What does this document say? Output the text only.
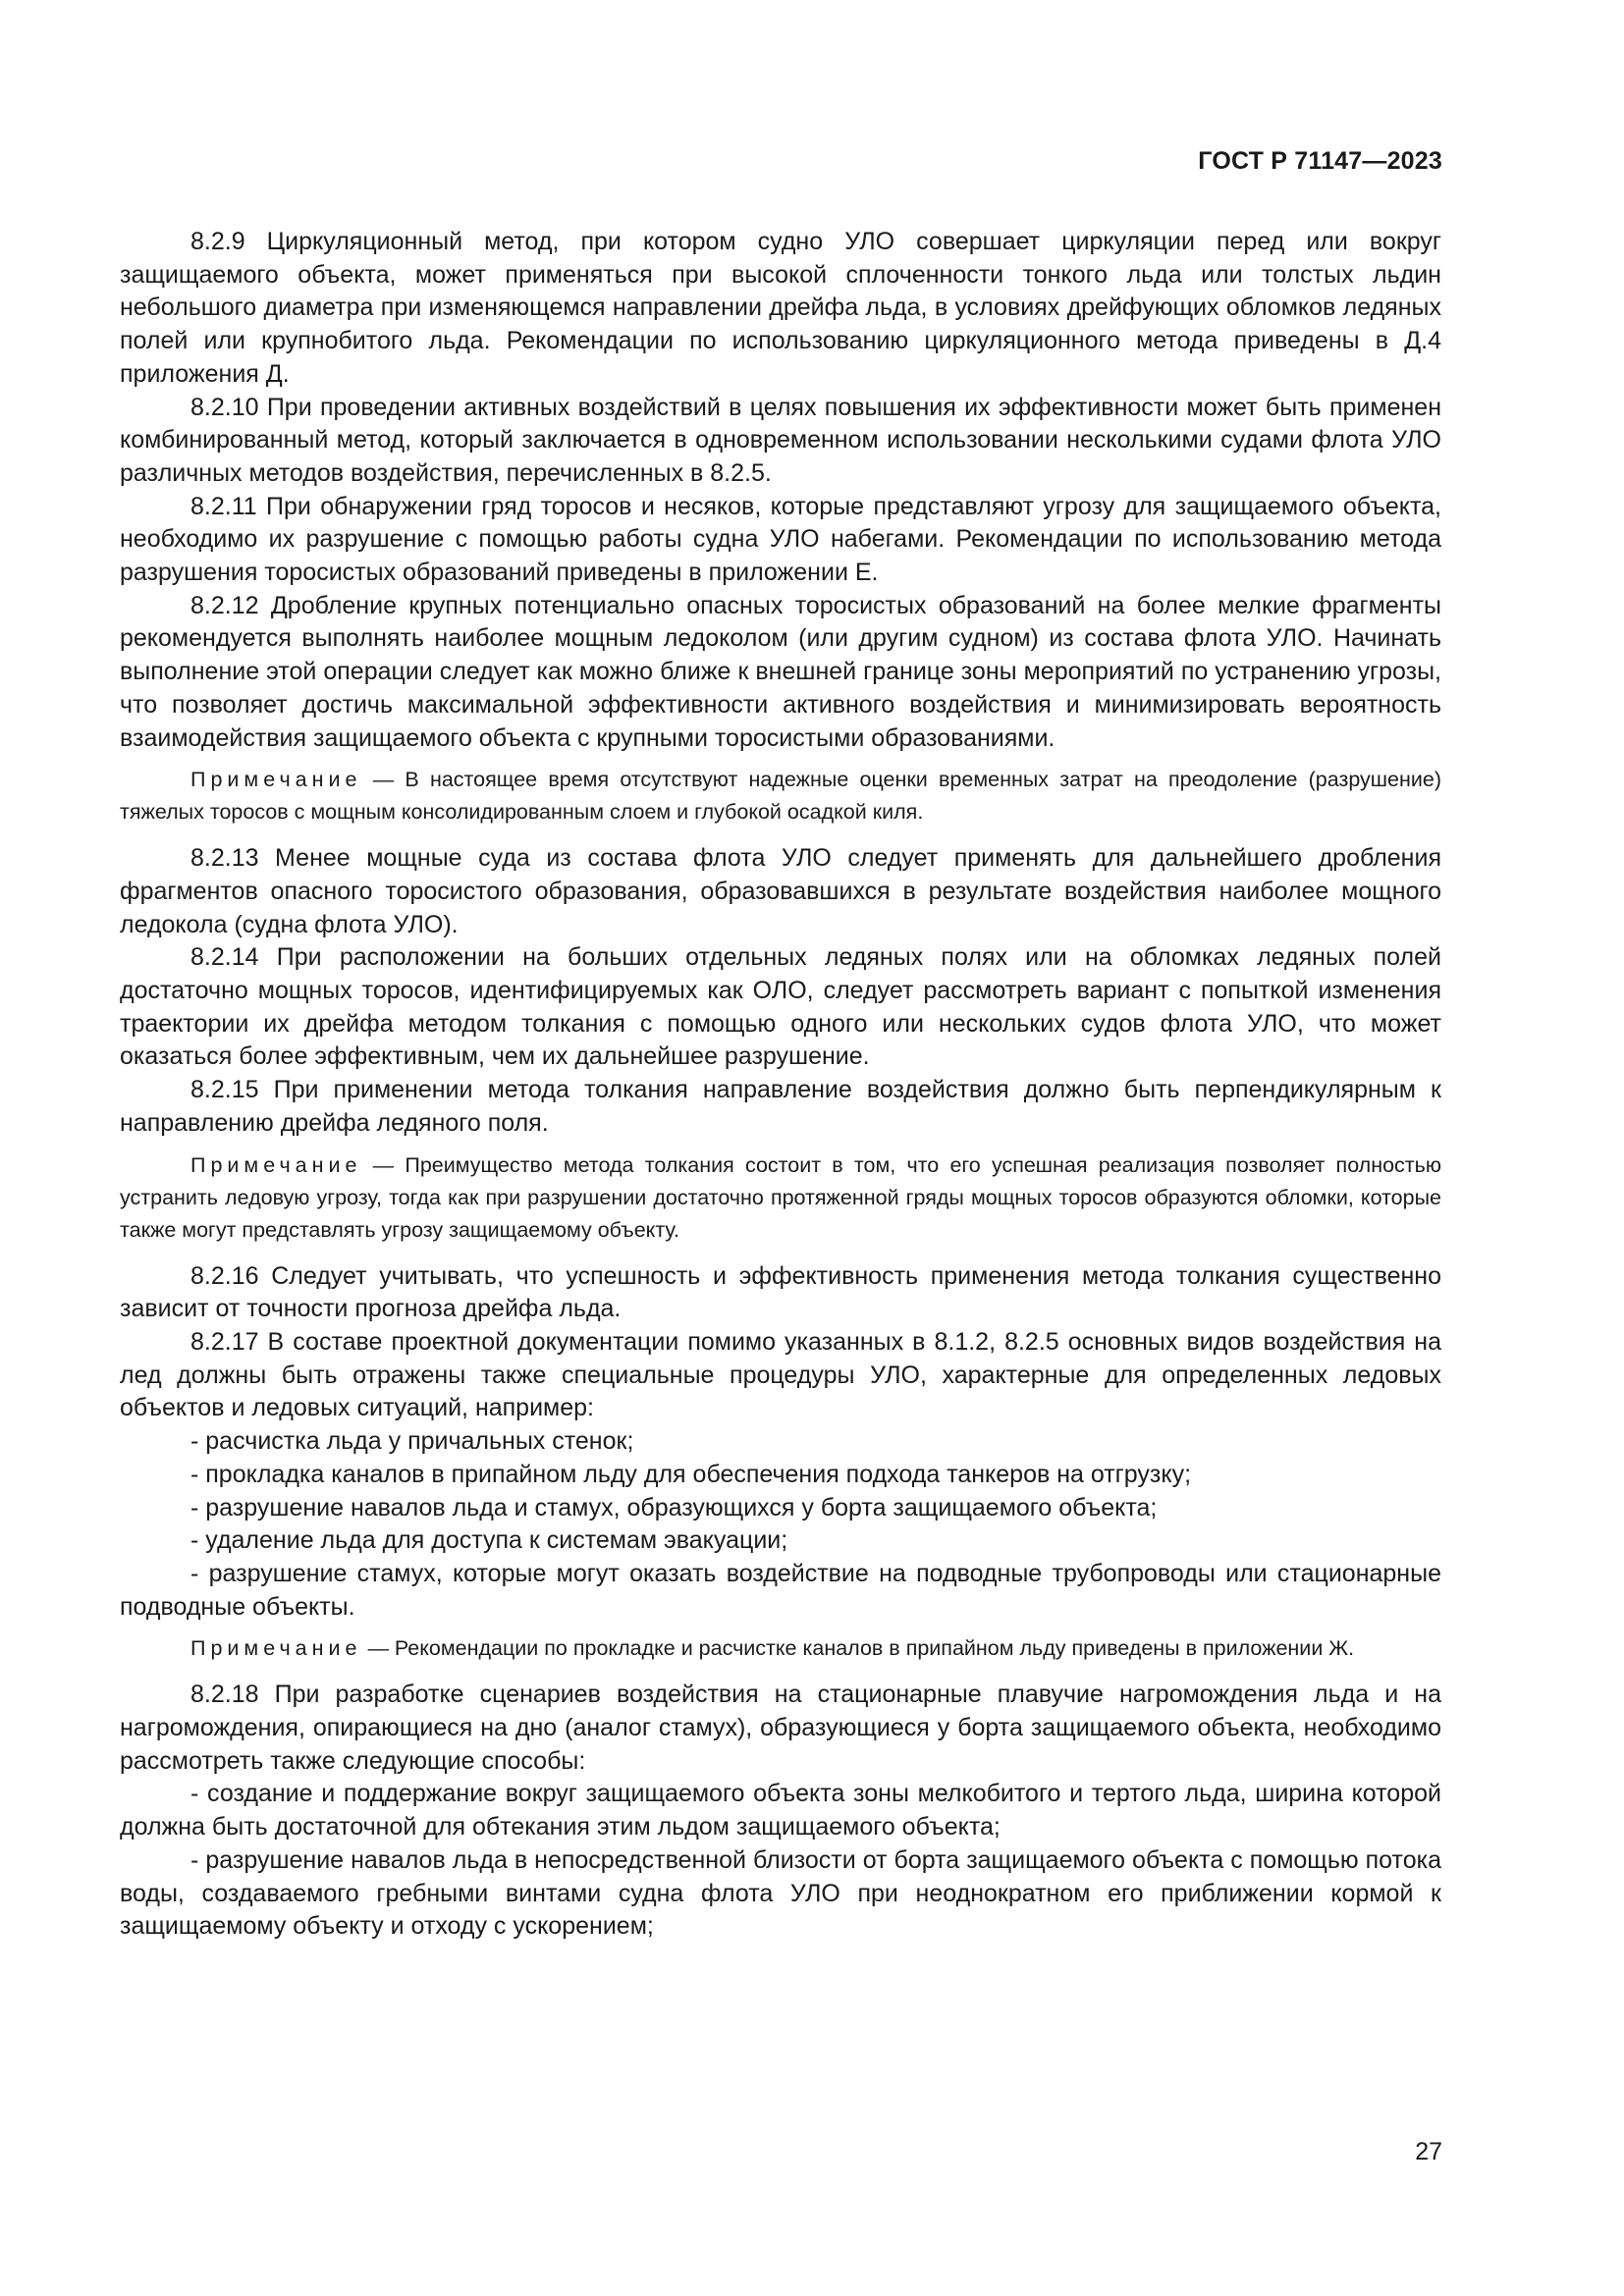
ГОСТ Р 71147—2023

8.2.9 Циркуляционный метод, при котором судно УЛО совершает циркуляции перед или вокруг защищаемого объекта, может применяться при высокой сплоченности тонкого льда или толстых льдин небольшого диаметра при изменяющемся направлении дрейфа льда, в условиях дрейфующих обломков ледяных полей или крупнобитого льда. Рекомендации по использованию циркуляционного метода приведены в Д.4 приложения Д.

8.2.10 При проведении активных воздействий в целях повышения их эффективности может быть применен комбинированный метод, который заключается в одновременном использовании несколькими судами флота УЛО различных методов воздействия, перечисленных в 8.2.5.

8.2.11 При обнаружении гряд торосов и несяков, которые представляют угрозу для защищаемого объекта, необходимо их разрушение с помощью работы судна УЛО набегами. Рекомендации по использованию метода разрушения торосистых образований приведены в приложении Е.

8.2.12 Дробление крупных потенциально опасных торосистых образований на более мелкие фрагменты рекомендуется выполнять наиболее мощным ледоколом (или другим судном) из состава флота УЛО. Начинать выполнение этой операции следует как можно ближе к внешней границе зоны мероприятий по устранению угрозы, что позволяет достичь максимальной эффективности активного воздействия и минимизировать вероятность взаимодействия защищаемого объекта с крупными торосистыми образованиями.

Примечание — В настоящее время отсутствуют надежные оценки временных затрат на преодоление (разрушение) тяжелых торосов с мощным консолидированным слоем и глубокой осадкой киля.

8.2.13 Менее мощные суда из состава флота УЛО следует применять для дальнейшего дробления фрагментов опасного торосистого образования, образовавшихся в результате воздействия наиболее мощного ледокола (судна флота УЛО).

8.2.14 При расположении на больших отдельных ледяных полях или на обломках ледяных полей достаточно мощных торосов, идентифицируемых как ОЛО, следует рассмотреть вариант с попыткой изменения траектории их дрейфа методом толкания с помощью одного или нескольких судов флота УЛО, что может оказаться более эффективным, чем их дальнейшее разрушение.

8.2.15 При применении метода толкания направление воздействия должно быть перпендикулярным к направлению дрейфа ледяного поля.

Примечание — Преимущество метода толкания состоит в том, что его успешная реализация позволяет полностью устранить ледовую угрозу, тогда как при разрушении достаточно протяженной гряды мощных торосов образуются обломки, которые также могут представлять угрозу защищаемому объекту.

8.2.16 Следует учитывать, что успешность и эффективность применения метода толкания существенно зависит от точности прогноза дрейфа льда.

8.2.17 В составе проектной документации помимо указанных в 8.1.2, 8.2.5 основных видов воздействия на лед должны быть отражены также специальные процедуры УЛО, характерные для определенных ледовых объектов и ледовых ситуаций, например:

- расчистка льда у причальных стенок;

- прокладка каналов в припайном льду для обеспечения подхода танкеров на отгрузку;

- разрушение навалов льда и стамух, образующихся у борта защищаемого объекта;

- удаление льда для доступа к системам эвакуации;

- разрушение стамух, которые могут оказать воздействие на подводные трубопроводы или стационарные подводные объекты.

Примечание — Рекомендации по прокладке и расчистке каналов в припайном льду приведены в приложении Ж.

8.2.18 При разработке сценариев воздействия на стационарные плавучие нагромождения льда и на нагромождения, опирающиеся на дно (аналог стамух), образующиеся у борта защищаемого объекта, необходимо рассмотреть также следующие способы:

- создание и поддержание вокруг защищаемого объекта зоны мелкобитого и тертого льда, ширина которой должна быть достаточной для обтекания этим льдом защищаемого объекта;

- разрушение навалов льда в непосредственной близости от борта защищаемого объекта с помощью потока воды, создаваемого гребными винтами судна флота УЛО при неоднократном его приближении кормой к защищаемому объекту и отходу с ускорением;

27
